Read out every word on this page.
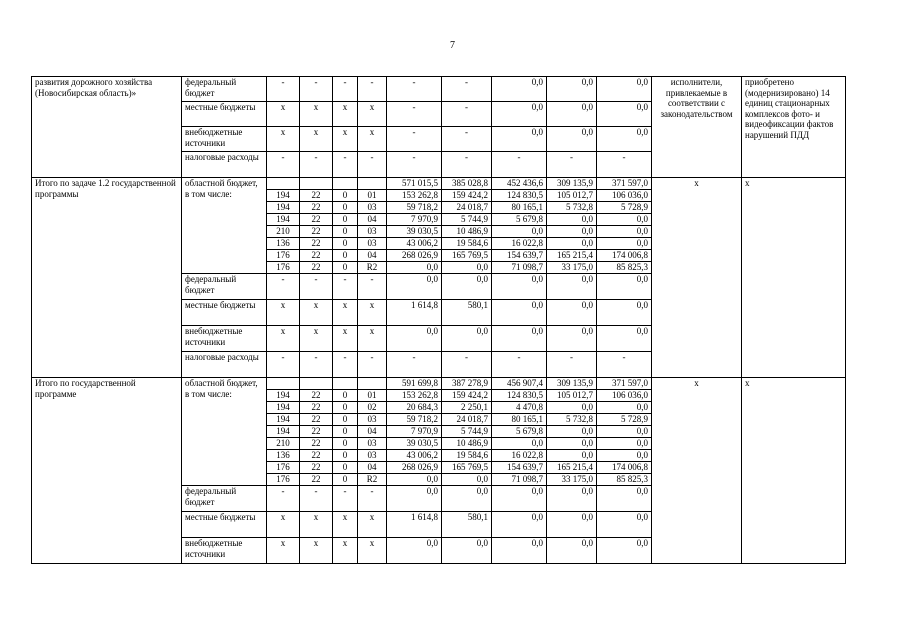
7
развития дорожного хозяйства (Новосибирская область)»	федеральный бюджет	-	-	-	-	-	-	0,0	0,0	0,0	исполнители, привлекаемые в соответствии с законодательством	приобретено (модернизировано) 14 единиц стационарных комплексов фото- и видеофиксации фактов нарушений ПДД
	местные бюджеты	x	x	x	x	-	-	0,0	0,0	0,0		
	внебюджетные источники	x	x	x	x	-	-	0,0	0,0	0,0		
	налоговые расходы	-	-	-	-	-	-	-	-	-		
Итого по задаче 1.2 государственной программы	областной бюджет, в том числе:					571 015,5	385 028,8	452 436,6	309 135,9	371 597,0	x	x
		194	22	0	01	153 262,8	159 424,2	124 830,5	105 012,7	106 036,0		
		194	22	0	03	59 718,2	24 018,7	80 165,1	5 732,8	5 728,9		
		194	22	0	04	7 970,9	5 744,9	5 679,8	0,0	0,0		
		210	22	0	03	39 030,5	10 486,9	0,0	0,0	0,0		
		136	22	0	03	43 006,2	19 584,6	16 022,8	0,0	0,0		
		176	22	0	04	268 026,9	165 769,5	154 639,7	165 215,4	174 006,8		
		176	22	0	R2	0,0	0,0	71 098,7	33 175,0	85 825,3		
	федеральный бюджет	-	-	-	-	0,0	0,0	0,0	0,0	0,0		
	местные бюджеты	x	x	x	x	1 614,8	580,1	0,0	0,0	0,0		
	внебюджетные источники	x	x	x	x	0,0	0,0	0,0	0,0	0,0		
	налоговые расходы	-	-	-	-	-	-	-	-	-		
Итого по государственной программе	областной бюджет, в том числе:					591 699,8	387 278,9	456 907,4	309 135,9	371 597,0	x	x
		194	22	0	01	153 262,8	159 424,2	124 830,5	105 012,7	106 036,0		
		194	22	0	02	20 684,3	2 250,1	4 470,8	0,0	0,0		
		194	22	0	03	59 718,2	24 018,7	80 165,1	5 732,8	5 728,9		
		194	22	0	04	7 970,9	5 744,9	5 679,8	0,0	0,0		
		210	22	0	03	39 030,5	10 486,9	0,0	0,0	0,0		
		136	22	0	03	43 006,2	19 584,6	16 022,8	0,0	0,0		
		176	22	0	04	268 026,9	165 769,5	154 639,7	165 215,4	174 006,8		
		176	22	0	R2	0,0	0,0	71 098,7	33 175,0	85 825,3		
	федеральный бюджет	-	-	-	-	0,0	0,0	0,0	0,0	0,0		
	местные бюджеты	x	x	x	x	1 614,8	580,1	0,0	0,0	0,0		
	внебюджетные источники	x	x	x	x	0,0	0,0	0,0	0,0	0,0		
